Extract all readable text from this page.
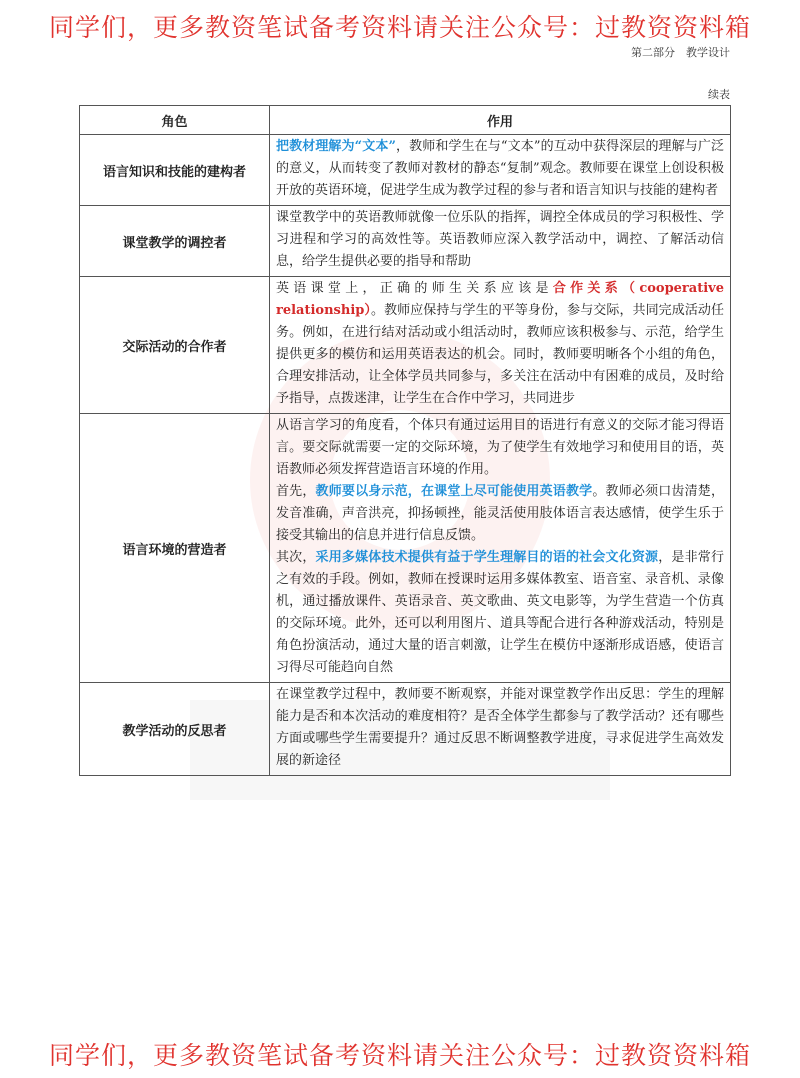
同学们，更多教资笔试备考资料请关注公众号：过教资资料箱
第二部分　教学设计
续表
角色	作用
语言知识和技能的建构者	把教材理解为“文本”，教师和学生在与“文本”的互动中获得深层的理解与广泛的意义，从而转变了教师对教材的静态“复制”观念。教师要在课堂上创设积极开放的英语环境，促进学生成为教学过程的参与者和语言知识与技能的建构者

课堂教学的调控者	课堂教学中的英语教师就像一位乐队的指挥，调控全体成员的学习积极性、学习进程和学习的高效性等。英语教师应深入教学活动中，调控、了解活动信息，给学生提供必要的指导和帮助

交际活动的合作者	英语课堂上，正确的师生关系应该是合作关系（cooperative relationship）。教师应保持与学生的平等身份，参与交际，共同完成活动任务。例如，在进行结对活动或小组活动时，教师应该积极参与、示范，给学生提供更多的模仿和运用英语表达的机会。同时，教师要明晰各个小组的角色，合理安排活动，让全体学员共同参与，多关注在活动中有困难的成员，及时给予指导，点拨迷津，让学生在合作中学习，共同进步

语言环境的营造者	从语言学习的角度看，个体只有通过运用目的语进行有意义的交际才能习得语言。要交际就需要一定的交际环境，为了使学生有效地学习和使用目的语，英语教师必须发挥营造语言环境的作用。
首先，教师要以身示范，在课堂上尽可能使用英语教学。教师必须口齿清楚，发音准确，声音洪亮，抑扬顿挫，能灵活使用肢体语言表达感情，使学生乐于接受其输出的信息并进行信息反馈。
其次，采用多媒体技术提供有益于学生理解目的语的社会文化资源，是非常行之有效的手段。例如，教师在授课时运用多媒体教室、语音室、录音机、录像机，通过播放课件、英语录音、英文歌曲、英文电影等，为学生营造一个仿真的交际环境。此外，还可以利用图片、道具等配合进行各种游戏活动，特别是角色扮演活动，通过大量的语言刺激，让学生在模仿中逐渐形成语感，使语言习得尽可能趋向自然

教学活动的反思者	在课堂教学过程中，教师要不断观察，并能对课堂教学作出反思：学生的理解能力是否和本次活动的难度相符？是否全体学生都参与了教学活动？还有哪些方面或哪些学生需要提升？通过反思不断调整教学进度，寻求促进学生高效发展的新途径
同学们，更多教资笔试备考资料请关注公众号：过教资资料箱
